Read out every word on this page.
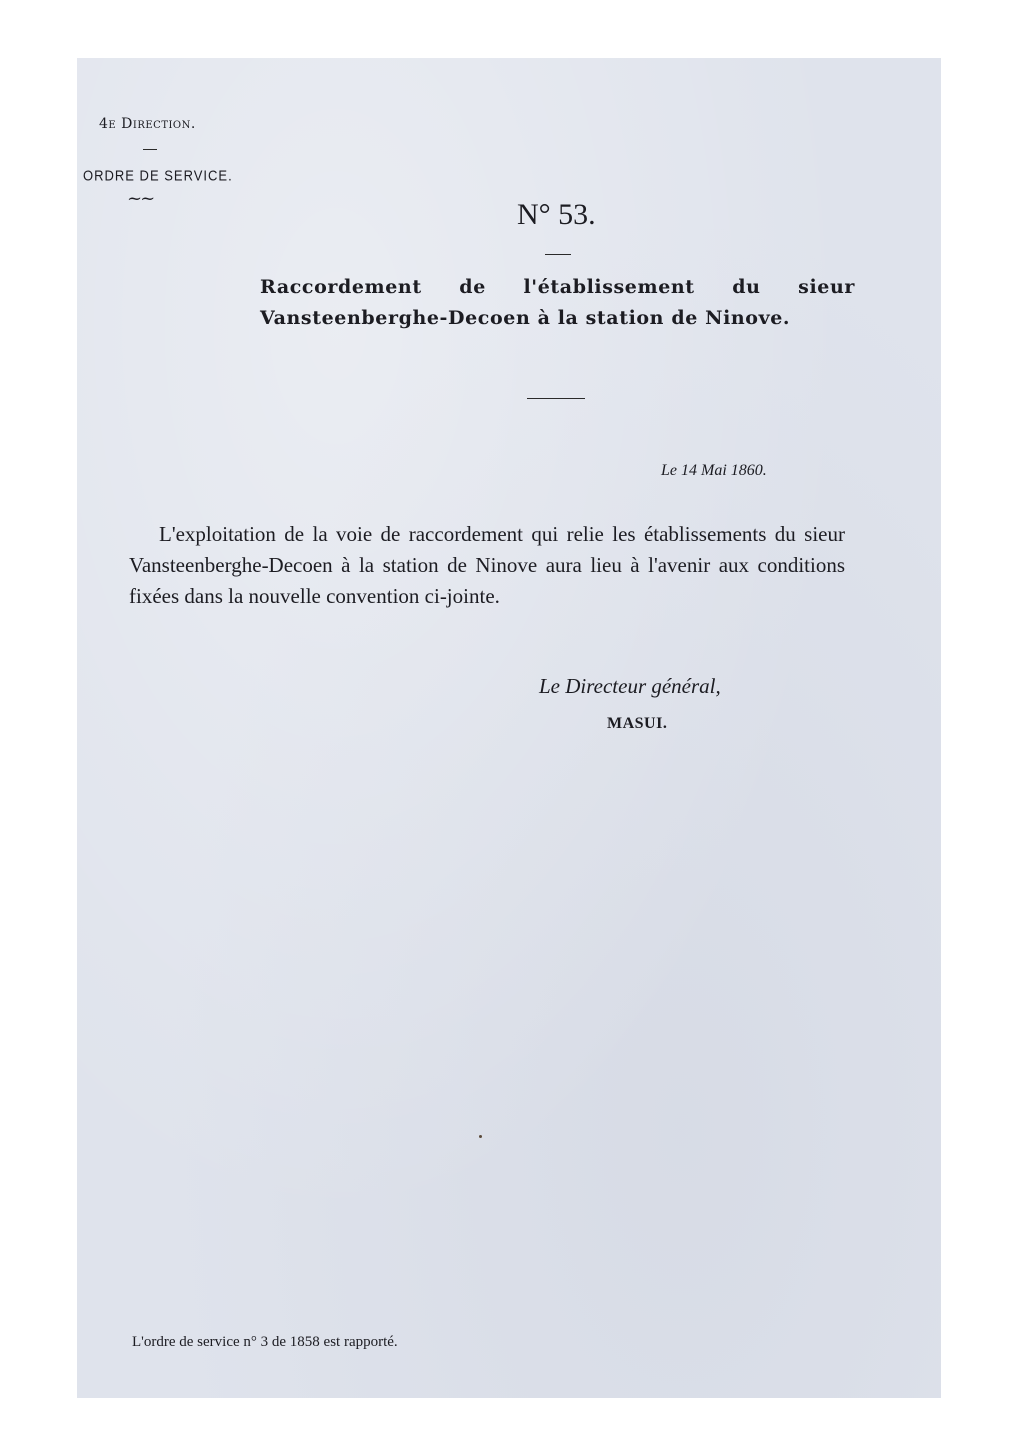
4e Direction.

ORDRE DE SERVICE.

~~	N° 53.

Raccordement de l'établissement du sieur Vansteenberghe-Decoen à la station de Ninove.

Le 14 Mai 1860.

L'exploitation de la voie de raccordement qui relie les établissements du sieur Vansteenberghe-Decoen à la station de Ninove aura lieu à l'avenir aux conditions fixées dans la nouvelle convention ci-jointe.

Le Directeur général,

MASUI.

L'ordre de service n° 3 de 1858 est rapporté.
